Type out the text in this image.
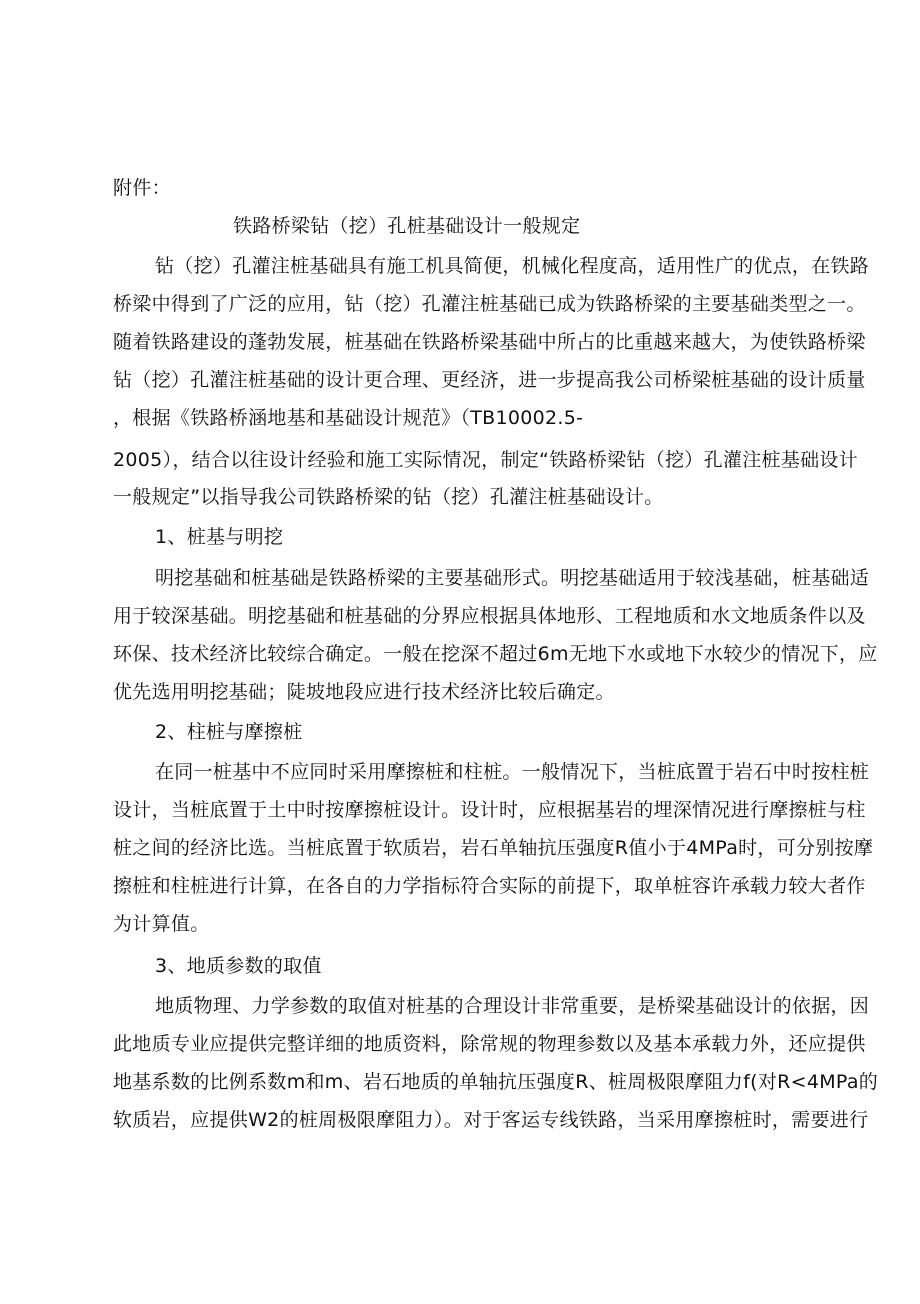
附件：
铁路桥梁钻（挖）孔桩基础设计一般规定
钻（挖）孔灌注桩基础具有施工机具简便，机械化程度高，适用性广的优点，在铁路
桥梁中得到了广泛的应用，钻（挖）孔灌注桩基础已成为铁路桥梁的主要基础类型之一。
随着铁路建设的蓬勃发展，桩基础在铁路桥梁基础中所占的比重越来越大，为使铁路桥梁
钻（挖）孔灌注桩基础的设计更合理、更经济，进一步提高我公司桥梁桩基础的设计质量
，根据《铁路桥涵地基和基础设计规范》（TB10002.5-
2005），结合以往设计经验和施工实际情况，制定“铁路桥梁钻（挖）孔灌注桩基础设计
一般规定”以指导我公司铁路桥梁的钻（挖）孔灌注桩基础设计。
1、桩基与明挖
明挖基础和桩基础是铁路桥梁的主要基础形式。明挖基础适用于较浅基础，桩基础适
用于较深基础。明挖基础和桩基础的分界应根据具体地形、工程地质和水文地质条件以及
环保、技术经济比较综合确定。一般在挖深不超过6m无地下水或地下水较少的情况下，应
优先选用明挖基础；陡坡地段应进行技术经济比较后确定。
2、柱桩与摩擦桩
在同一桩基中不应同时采用摩擦桩和柱桩。一般情况下，当桩底置于岩石中时按柱桩
设计，当桩底置于土中时按摩擦桩设计。设计时，应根据基岩的埋深情况进行摩擦桩与柱
桩之间的经济比选。当桩底置于软质岩，岩石单轴抗压强度R值小于4MPa时，可分别按摩
擦桩和柱桩进行计算，在各自的力学指标符合实际的前提下，取单桩容许承载力较大者作
为计算值。
3、地质参数的取值
地质物理、力学参数的取值对桩基的合理设计非常重要，是桥梁基础设计的依据，因
此地质专业应提供完整详细的地质资料，除常规的物理参数以及基本承载力外，还应提供
地基系数的比例系数m和m、岩石地质的单轴抗压强度R、桩周极限摩阻力f(对R<4MPa的
软质岩，应提供W2的桩周极限摩阻力）。对于客运专线铁路，当采用摩擦桩时，需要进行
